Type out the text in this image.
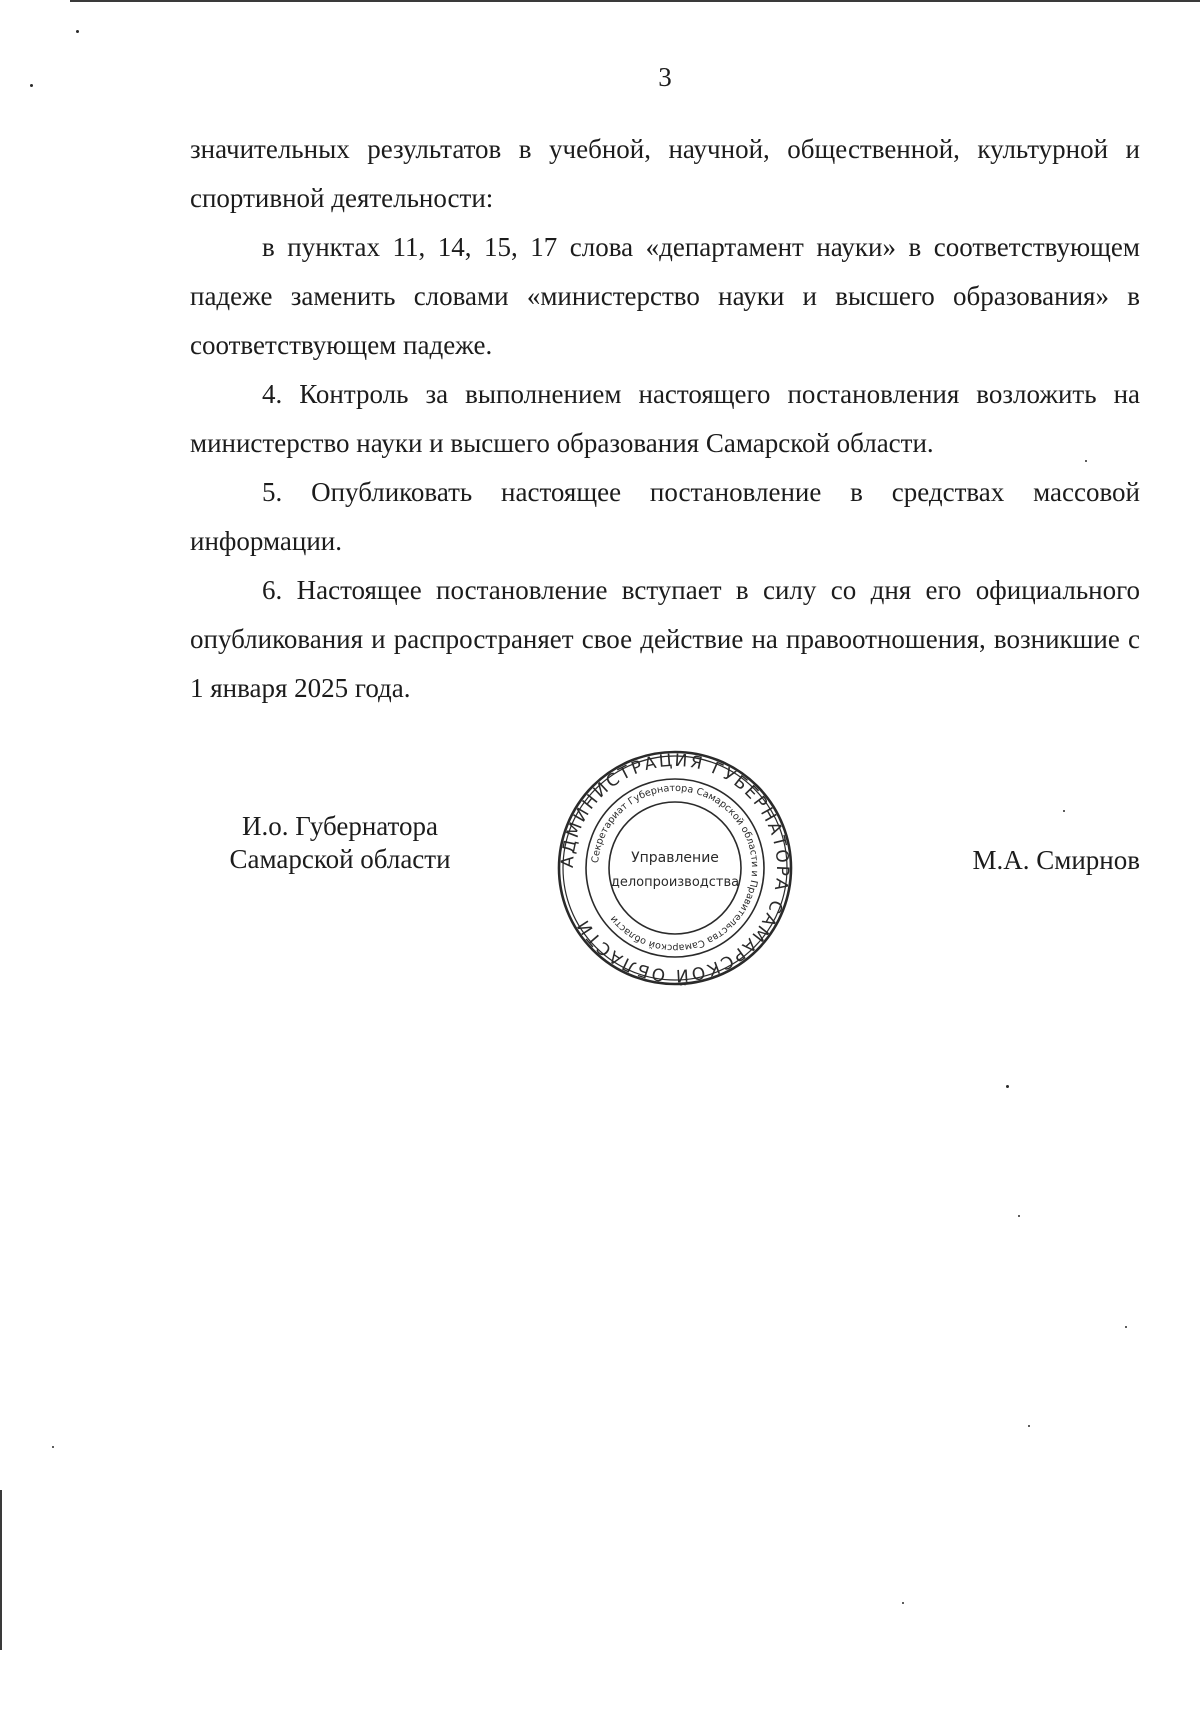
3

значительных результатов в учебной, научной, общественной, культурной и спортивной деятельности:

в пунктах 11, 14, 15, 17 слова «департамент науки» в соответствующем падеже заменить словами «министерство науки и высшего образования» в соответствующем падеже.

4. Контроль за выполнением настоящего постановления возложить на министерство науки и высшего образования Самарской области.

5. Опубликовать настоящее постановление в средствах массовой информации.

6. Настоящее постановление вступает в силу со дня его официального опубликования и распространяет свое действие на правоотношения, возникшие с 1 января 2025 года.

И.о. Губернатора
Самарской области	АДМИНИСТРАЦИЯ ГУБЕРНАТОРА САМАРСКОЙ ОБЛАСТИ
Секретариат Губернатора Самарской области и Правительства Самарской области
Управление
делопроизводства
М.А. Смирнов
